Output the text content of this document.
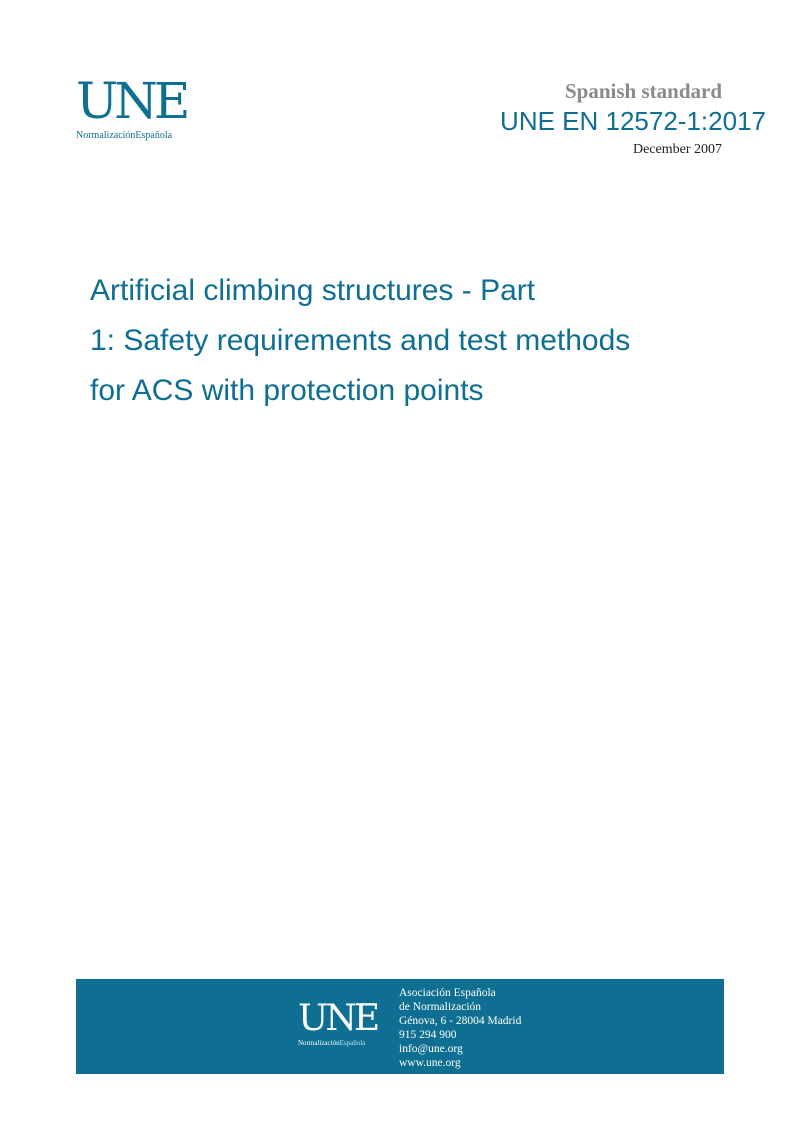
UNE
NormalizaciónEspañola
Spanish standard
UNE EN 12572-1:2017
December 2007
Artificial climbing structures - Part
1: Safety requirements and test methods
for ACS with protection points
UNE
NormalizaciónEspañola
Asociación Española
de Normalización
Génova, 6 - 28004 Madrid
915 294 900
info@une.org
www.une.org
